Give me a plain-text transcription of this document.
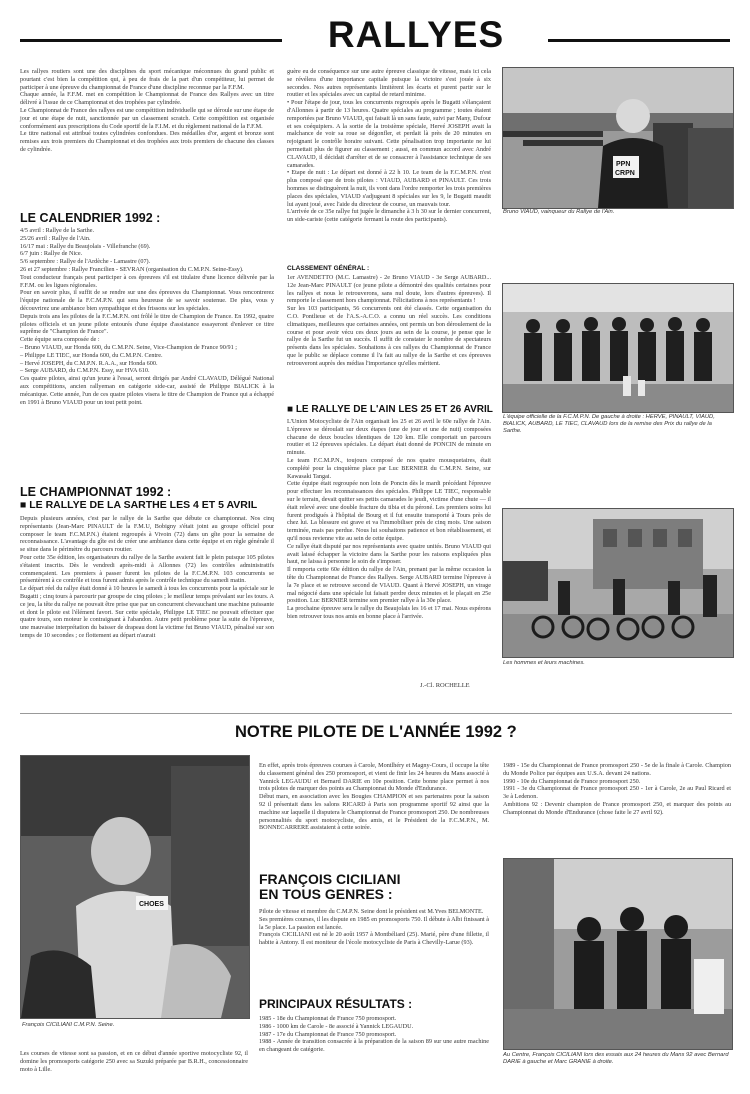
RALLYES
Les rallyes routiers sont une des disciplines du sport mécanique méconnues du grand public et pourtant c'est bien la compétition qui, à peu de frais de la part d'un compétiteur, lui permet de participer à une épreuve du championnat de France d'une discipline reconnue par la F.F.M.
Chaque année, la F.F.M. met en compétition le Championnat de France des Rallyes avec un titre délivré à l'issue de ce Championnat et des trophées par cylindrée.
Le Championnat de France des rallyes est une compétition individuelle qui se déroule sur une étape de jour et une étape de nuit, sanctionnée par un classement scratch. Cette compétition est organisée conformément aux prescriptions du Code sportif de la F.I.M. et du règlement national de la F.F.M.
Le titre national est attribué toutes cylindrées confondues. Des médailles d'or, argent et bronze sont remises aux trois premiers du Championnat et des trophées aux trois premiers de chacune des classes de cylindrée.
LE CALENDRIER 1992 :
4/5 avril : Rallye de la Sarthe.
25/26 avril : Rallye de l'Ain.
16/17 mai : Rallye du Beaujolais - Villefranche (69).
6/7 juin : Rallye de Nice.
5/6 septembre : Rallye de l'Ardèche - Lamastre (07).
26 et 27 septembre : Rallye Francilien - SEVRAN (organisation du C.M.P.N. Seine-Essy).
Tout conducteur français peut participer à ces épreuves s'il est titulaire d'une licence délivrée par la F.F.M. ou les ligues régionales.
Pour en savoir plus, il suffit de se rendre sur une des épreuves du Championnat. Vous rencontrerez l'équipe nationale de la F.C.M.P.N. qui sera heureuse de se savoir soutenue. De plus, vous y découvrirez une ambiance bien sympathique et des frissons sur les spéciales.
Depuis trois ans les pilotes de la F.C.M.P.N. ont frôlé le titre de Champion de France. En 1992, quatre pilotes officiels et un jeune pilote entourés d'une équipe d'assistance essayeront d'enlever ce titre suprême de "Champion de France".
Cette équipe sera composée de :
– Bruno VIAUD, sur Honda 600, du C.M.P.N. Seine, Vice-Champion de France 90/91 ;
– Philippe LE TIEC, sur Honda 600, du C.M.P.N. Centre.
– Hervé JOSEPH, du C.M.P.N. R.A.A., sur Honda 600.
– Serge AUBARD, du C.M.P.N. Essy, sur HVA 610.
Ces quatre pilotes, ainsi qu'un jeune à l'essai, seront dirigés par André CLAVAUD, Délégué National aux compétitions, ancien rallyeman en catégorie side-car, assisté de Philippe BIALICK à la mécanique. Cette année, l'un de ces quatre pilotes visera le titre de Champion de France qui a échappé en 1991 à Bruno VIAUD pour un tout petit point.
LE CHAMPIONNAT 1992 :
■ LE RALLYE DE LA SARTHE LES 4 ET 5 AVRIL
Depuis plusieurs années, c'est par le rallye de la Sarthe que débute ce championnat. Nos cinq représentants (Jean-Marc PINAULT de la F.M.U, Bobigny s'était joint au groupe officiel pour composer le team F.C.M.P.N.) étaient regroupés à Vivoin (72) dans un gîte pour la semaine de reconnaissance. L'avantage du gîte est de créer une ambiance dans cette équipe et en règle générale il se situe dans le périmètre du parcours routier.
Pour cette 35e édition, les organisateurs du rallye de la Sarthe avaient fait le plein puisque 105 pilotes s'étaient inscrits. Dès le vendredi après-midi à Allonnes (72) les contrôles administratifs commençaient. Les premiers à passer furent les pilotes de la F.C.M.P.N. 103 concurrents se présentèrent à ce contrôle et tous furent admis après le contrôle technique du samedi matin.
Le départ réel du rallye était donné à 10 heures le samedi à tous les concurrents pour la spéciale sur le Bugatti ; cinq tours à parcourir par groupe de cinq pilotes ; le meilleur temps prévalant sur les tours. A ce jeu, la tête du rallye ne pouvait être prise que par un concurrent chevauchant une machine puissante et dont le pilote est l'élément favori. Sur cette spéciale, Philippe LE TIEC ne pouvait effectuer que quatre tours, son moteur le contraignant à l'abandon. Autre petit problème pour la suite de l'épreuve, une mauvaise interprétation du baisser de drapeau dont la victime fut Bruno VIAUD, pénalisé sur son temps de 10 secondes ; ce flottement au départ n'aurait
guère eu de conséquence sur une autre épreuve classique de vitesse, mais ici cela se révélera d'une importance capitale puisque la victoire s'est jouée à six secondes. Nos autres représentants limitèrent les écarts et purent partir sur le routier et les spéciales avec un capital de retard minime.
• Pour l'étape de jour, tous les concurrents regroupés après le Bugatti s'élançaient d'Allonnes à partir de 13 heures. Quatre spéciales au programme ; toutes étaient remportées par Bruno VIAUD, qui faisait là un sans faute, suivi par Many, Dufour et ses coéquipiers. A la sortie de la troisième spéciale, Hervé JOSEPH avait la malchance de voir sa roue se dégonfler, et perdait là près de 20 minutes en rejoignant le contrôle horaire suivant. Cette pénalisation trop importante ne lui permettait plus de figurer au classement ; aussi, en commun accord avec André CLAVAUD, il décidait d'arrêter et de se consacrer à l'assistance technique de ses camarades.
• Etape de nuit : Le départ est donné à 22 h 10. Le team de la F.C.M.P.N. n'est plus composé que de trois pilotes : VIAUD, AUBARD et PINAULT. Ces trois hommes se distinguèrent la nuit, ils vont dans l'ordre remporter les trois premières places des spéciales, VIAUD s'adjugeant 8 spéciales sur les 9, le Bugatti maudit lui ayant joué, avec l'aide du directeur de course, un mauvais tour.
L'arrivée de ce 35e rallye fut jugée le dimanche à 3 h 30 sur le dernier concurrent, un side-cariste (cette catégorie fermant la route des participants).
CLASSEMENT GÉNÉRAL :
1er AVENDETTO (M.C. Lamastre) - 2e Bruno VIAUD - 3e Serge AUBARD... 12e Jean-Marc PINAULT (ce jeune pilote a démontré des qualités certaines pour les rallyes et nous le retrouverons, sans nul doute, lors d'autres épreuves). Il remporte le classement hors championnat. Félicitations à nos représentants !
Sur les 103 participants, 56 concurrents ont été classés. Cette organisation du C.O. Pontlieue et de l'A.S.-A.C.O. a connu un réel succès. Les conditions climatiques, meilleures que certaines années, ont permis un bon déroulement de la course et pour avoir vécu ces deux jours au sein de la course, je pense que le rallye de la Sarthe fut un succès. Il suffit de constater le nombre de spectateurs présents dans les spéciales. Souhaitons à ces rallyes du Championnat de France que le public se déplace comme il l'a fait au rallye de la Sarthe et ces épreuves retrouveront auprès des médias l'importance qu'elles méritent.
■ LE RALLYE DE L'AIN LES 25 ET 26 AVRIL
L'Union Motocycliste de l'Ain organisait les 25 et 26 avril le 60e rallye de l'Ain. L'épreuve se déroulait sur deux étapes (une de jour et une de nuit) composées chacune de deux boucles identiques de 120 km. Elle comportait un parcours routier et 12 épreuves spéciales. Le départ était donné de PONCIN de minute en minute.
Le team F.C.M.P.N., toujours composé de nos quatre mousquetaires, était complété pour la cinquième place par Luc BERNIER du C.M.P.N. Seine, sur Kawasaki Tangai.
Cette équipe était regroupée non loin de Poncin dès le mardi précédant l'épreuve pour effectuer les reconnaissances des spéciales. Philippe LE TIEC, responsable sur le terrain, devait quitter ses petits camarades le jeudi, victime d'une chute — il était relevé avec une double fracture du tibia et du péroné. Les premiers soins lui furent prodigués à l'hôpital de Bourg et il fut ensuite transporté à Tours près de chez lui. La blessure est grave et va l'immobiliser près de cinq mois. Une saison terminée, mais pas perdue. Nous lui souhaitons patience et bon rétablissement, et qu'il nous revienne vite au sein de cette équipe.
Ce rallye était disputé par nos représentants avec quatre unités. Bruno VIAUD qui avait laissé échapper la victoire dans la Sarthe pour les raisons expliquées plus haut, ne laissa à personne le soin de s'imposer.
Il remporta cette 60e édition du rallye de l'Ain, prenant par la même occasion la tête du Championnat de France des Rallyes. Serge AUBARD termine l'épreuve à la 7e place et se retrouve second de VIAUD. Quant à Hervé JOSEPH, un virage mal négocié dans une spéciale lui faisait perdre deux minutes et le plaçait en 25e position. Luc BERNIER termine son premier rallye à la 30e place.
La prochaine épreuve sera le rallye du Beaujolais les 16 et 17 mai. Nous espérons bien retrouver tous nos amis en bonne place à l'arrivée.
J.-Cl. ROCHELLE
PPN
CRPN
Bruno VIAUD, vainqueur du Rallye de l'Ain.
L'équipe officielle de la F.C.M.P.N. De gauche à droite : HERVE, PINAULT, VIAUD, BIALICK, AUBARD, LE TIEC, CLAVAUD lors de la remise des Prix du rallye de la Sarthe.
Les hommes et leurs machines.
NOTRE PILOTE DE L'ANNÉE 1992 ?
CHOES
François CICILIANI C.M.P.N. Seine.
Les courses de vitesse sont sa passion, et en ce début d'année sportive motocycliste 92, il domine les promosports catégorie 250 avec sa Suzuki préparée par B.R.H., concessionnaire moto à Lille.
En effet, après trois épreuves courues à Carole, Montlhéry et Magny-Cours, il occupe la tête du classement général des 250 promosport, et vient de finir les 24 heures du Mans associé à Yannick LEGAUDU et Bernard DARIE en 10e position. Cette bonne place permet à nos trois pilotes de marquer des points au Championnat du Monde d'Endurance.
Début mars, en association avec les Bougies CHAMPION et ses partenaires pour la saison 92 il présentait dans les salons RICARD à Paris son programme sportif 92 ainsi que la machine sur laquelle il disputera le Championnat de France promosport 250. De nombreuses personnalités du sport motocycliste, des amis, et le Président de la F.C.M.P.N., M. BONNECARRERE assistaient à cette soirée.
1989 - 15e du Championnat de France promosport 250 - 5e de la finale à Carole. Champion du Monde Police par équipes aux U.S.A. devant 24 nations.
1990 - 10e du Championnat de France promosport 250.
1991 - 3e du Championnat de France promosport 250 - 1er à Carole, 2e au Paul Ricard et 3e à Ledenon.
Ambitions 92 : Devenir champion de France promosport 250, et marquer des points au Championnat du Monde d'Endurance (chose faite le 27 avril 92).
FRANÇOIS CICILIANI
EN TOUS GENRES :
Pilote de vitesse et membre du C.M.P.N. Seine dont le président est M.Yves BELMONTE.
Ses premières courses, il les dispute en 1985 en promosports 750. Il débute à Albi finissant à la 5e place. La passion est lancée.
François CICILIANI est né le 20 août 1957 à Montbéliard (25). Marié, père d'une fillette, il habite à Antony. Il est moniteur de l'école motocycliste de Paris à Chevilly-Larue (93).
PRINCIPAUX RÉSULTATS :
1985 - 18e du Championnat de France 750 promosport.
1986 - 1000 km de Carole - 8e associé à Yannick LEGAUDU.
1987 - 17e du Championnat de France 750 promosport.
1988 - Année de transition consacrée à la préparation de la saison 89 sur une autre machine en changeant de catégorie.
Au Centre, François CICILIANI lors des essais aux 24 heures du Mans 92 avec Bernard DARIE à gauche et Marc GRANIE à droite.
